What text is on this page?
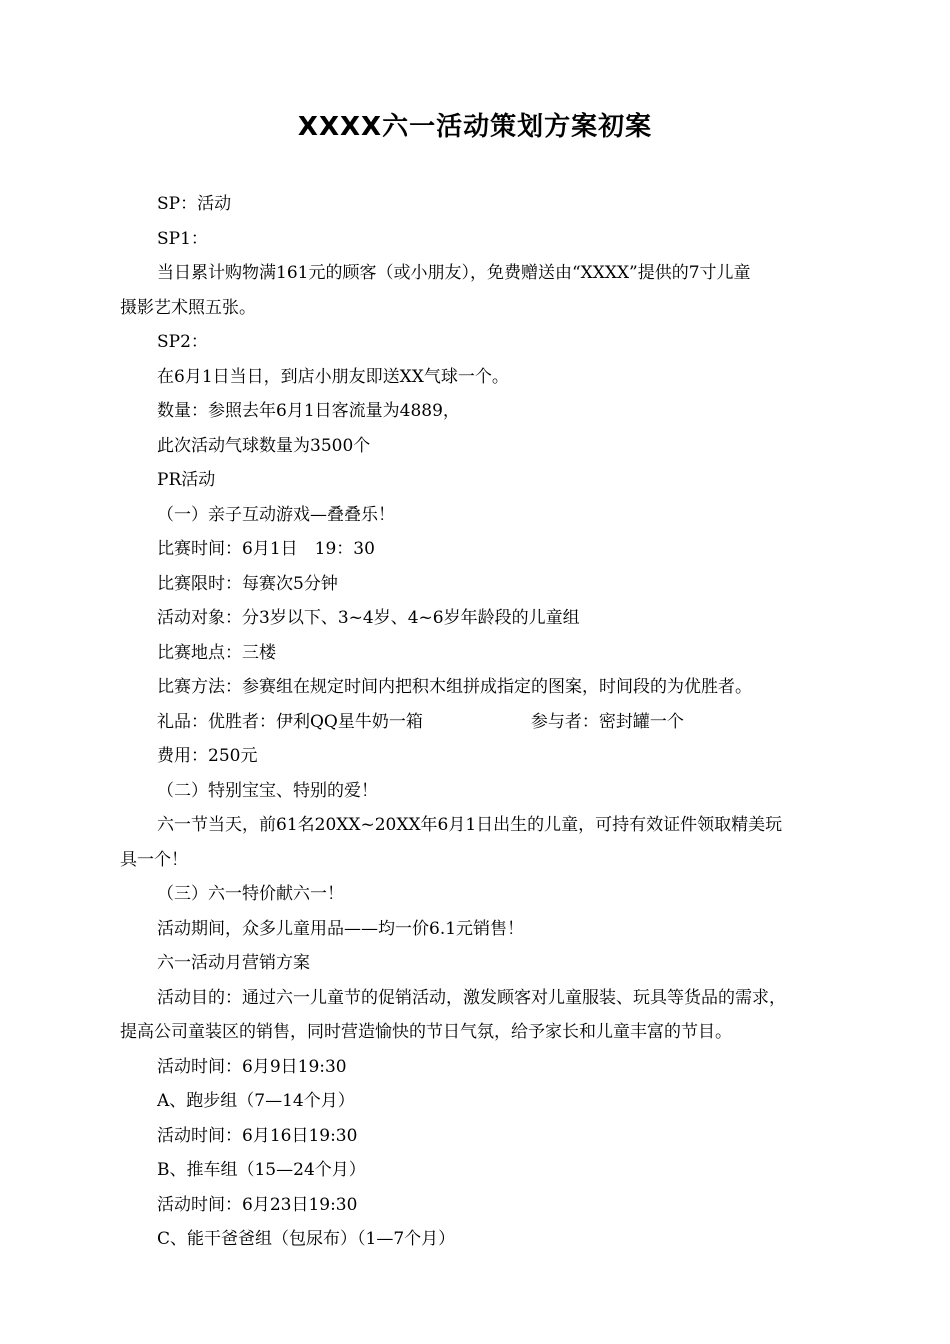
XXXX六一活动策划方案初案
SP：活动
SP1：
当日累计购物满161元的顾客（或小朋友），免费赠送由“XXXX”提供的7寸儿童
摄影艺术照五张。
SP2：
在6月1日当日，到店小朋友即送XX气球一个。
数量：参照去年6月1日客流量为4889，
此次活动气球数量为3500个
PR活动
（一）亲子互动游戏—叠叠乐！
比赛时间：6月1日　19：30
比赛限时：每赛次5分钟
活动对象：分3岁以下、3~4岁、4~6岁年龄段的儿童组
比赛地点：三楼
比赛方法：参赛组在规定时间内把积木组拼成指定的图案，时间段的为优胜者。
礼品：优胜者：伊利QQ星牛奶一箱	参与者：密封罐一个
费用：250元
（二）特别宝宝、特别的爱！
六一节当天，前61名20XX~20XX年6月1日出生的儿童，可持有效证件领取精美玩
具一个！
（三）六一特价献六一！
活动期间，众多儿童用品——均一价6.1元销售！
六一活动月营销方案
活动目的：通过六一儿童节的促销活动，激发顾客对儿童服装、玩具等货品的需求，
提高公司童装区的销售，同时营造愉快的节日气氛，给予家长和儿童丰富的节目。
活动时间：6月9日19:30
A、跑步组（7—14个月）
活动时间：6月16日19:30
B、推车组（15—24个月）
活动时间：6月23日19:30
C、能干爸爸组（包尿布）（1—7个月）
